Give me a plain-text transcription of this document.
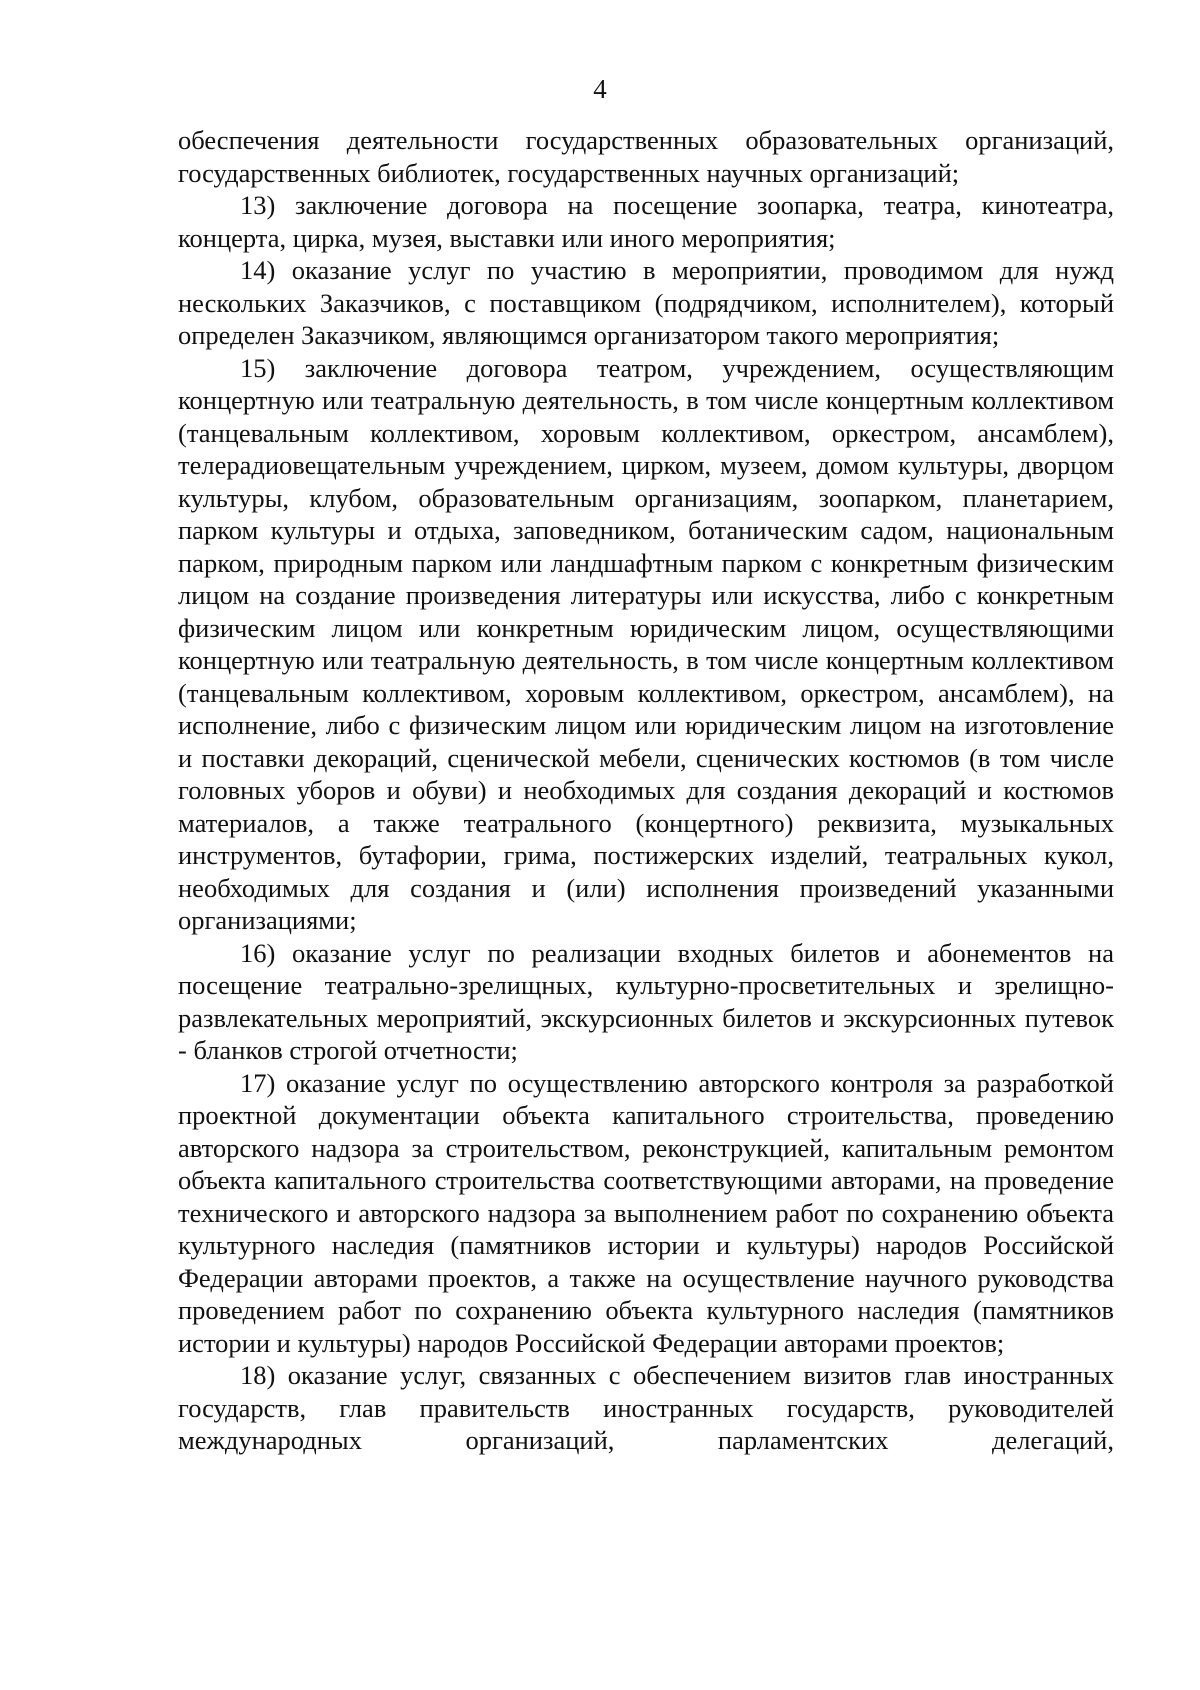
4

обеспечения деятельности государственных образовательных организаций, государственных библиотек, государственных научных организаций;

13) заключение договора на посещение зоопарка, театра, кинотеатра, концерта, цирка, музея, выставки или иного мероприятия;

14) оказание услуг по участию в мероприятии, проводимом для нужд нескольких Заказчиков, с поставщиком (подрядчиком, исполнителем), который определен Заказчиком, являющимся организатором такого мероприятия;

15) заключение договора театром, учреждением, осуществляющим концертную или театральную деятельность, в том числе концертным коллективом (танцевальным коллективом, хоровым коллективом, оркестром, ансамблем), телерадиовещательным учреждением, цирком, музеем, домом культуры, дворцом культуры, клубом, образовательным организациям, зоопарком, планетарием, парком культуры и отдыха, заповедником, ботаническим садом, национальным парком, природным парком или ландшафтным парком с конкретным физическим лицом на создание произведения литературы или искусства, либо с конкретным физическим лицом или конкретным юридическим лицом, осуществляющими концертную или театральную деятельность, в том числе концертным коллективом (танцевальным коллективом, хоровым коллективом, оркестром, ансамблем), на исполнение, либо с физическим лицом или юридическим лицом на изготовление и поставки декораций, сценической мебели, сценических костюмов (в том числе головных уборов и обуви) и необходимых для создания декораций и костюмов материалов, а также театрального (концертного) реквизита, музыкальных инструментов, бутафории, грима, постижерских изделий, театральных кукол, необходимых для создания и (или) исполнения произведений указанными организациями;

16) оказание услуг по реализации входных билетов и абонементов на посещение театрально-зрелищных, культурно-просветительных и зрелищно-развлекательных мероприятий, экскурсионных билетов и экскурсионных путевок - бланков строгой отчетности;

17) оказание услуг по осуществлению авторского контроля за разработкой проектной документации объекта капитального строительства, проведению авторского надзора за строительством, реконструкцией, капитальным ремонтом объекта капитального строительства соответствующими авторами, на проведение технического и авторского надзора за выполнением работ по сохранению объекта культурного наследия (памятников истории и культуры) народов Российской Федерации авторами проектов, а также на осуществление научного руководства проведением работ по сохранению объекта культурного наследия (памятников истории и культуры) народов Российской Федерации авторами проектов;

18) оказание услуг, связанных с обеспечением визитов глав иностранных государств, глав правительств иностранных государств, руководителей международных организаций, парламентских делегаций,
